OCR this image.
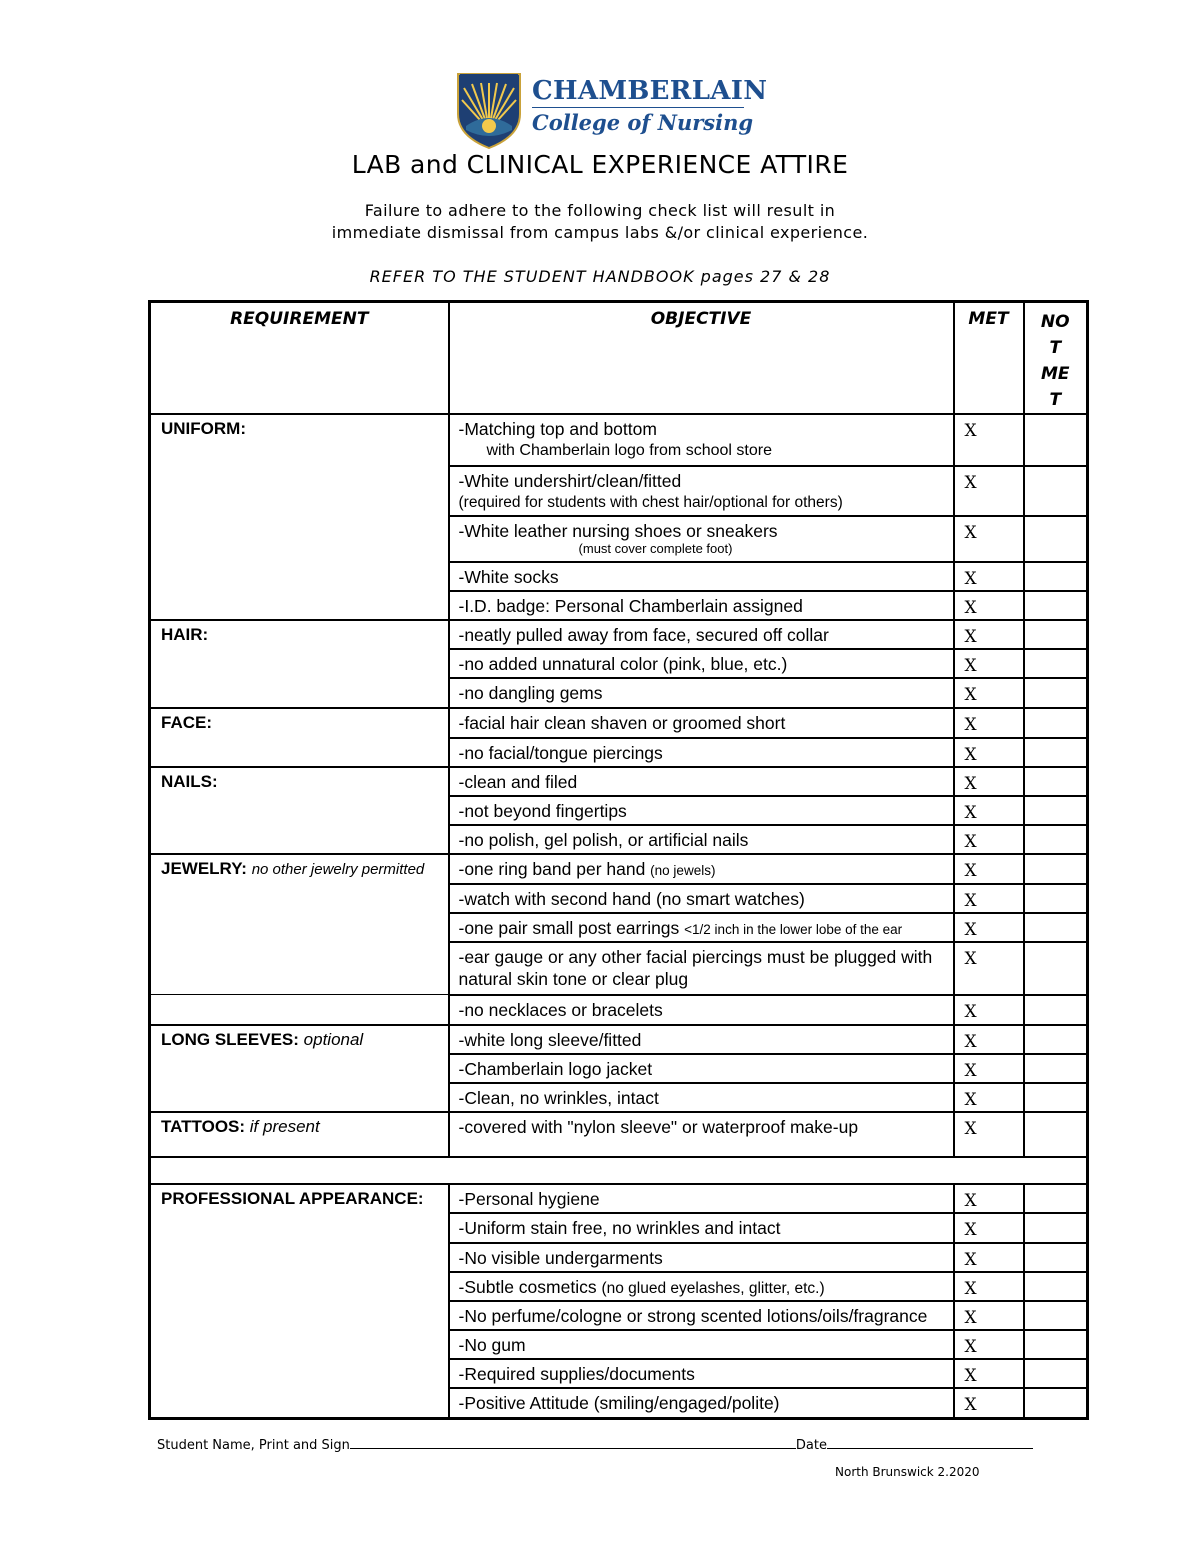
CHAMBERLAIN
College of Nursing
LAB and CLINICAL EXPERIENCE ATTIRE
Failure to adhere to the following check list will result in
immediate dismissal from campus labs &/or clinical experience.
REFER TO THE STUDENT HANDBOOK pages 27 & 28
REQUIREMENT	OBJECTIVE	MET	NO
T
ME
T

UNIFORM:	-Matching top and bottom
with Chamberlain logo from school store	X	

	-White undershirt/clean/fitted
(required for students with chest hair/optional for others)	X	

	-White leather nursing shoes or sneakers
(must cover complete foot)	X	
	-White socks	X	
	-I.D. badge: Personal Chamberlain assigned	X	
HAIR:	-neatly pulled away from face, secured off collar	X	
	-no added unnatural color (pink, blue, etc.)	X	
	-no dangling gems	X	
FACE:	-facial hair clean shaven or groomed short	X	
	-no facial/tongue piercings	X	
NAILS:	-clean and filed	X	
	-not beyond fingertips	X	
	-no polish, gel polish, or artificial nails	X	
JEWELRY: no other jewelry permitted	-one ring band per hand (no jewels)	X	
	-watch with second hand (no smart watches)	X	
	-one pair small post earrings <1/2 inch in the lower lobe of the ear	X	

	-ear gauge or any other facial piercings must be plugged with
natural skin tone or clear plug	X	
	-no necklaces or bracelets	X	
LONG SLEEVES: optional	-white long sleeve/fitted	X	
	-Chamberlain logo jacket	X	
	-Clean, no wrinkles, intact	X	
TATTOOS: if present	-covered with "nylon sleeve" or waterproof make-up	X	

PROFESSIONAL APPEARANCE:	-Personal hygiene	X	
	-Uniform stain free, no wrinkles and intact	X	
	-No visible undergarments	X	
	-Subtle cosmetics (no glued eyelashes, glitter, etc.)	X	
	-No perfume/cologne or strong scented lotions/oils/fragrance	X	
	-No gum	X	
	-Required supplies/documents	X	
	-Positive Attitude (smiling/engaged/polite)	X	
Student Name, Print and Sign	Date
North Brunswick 2.2020
